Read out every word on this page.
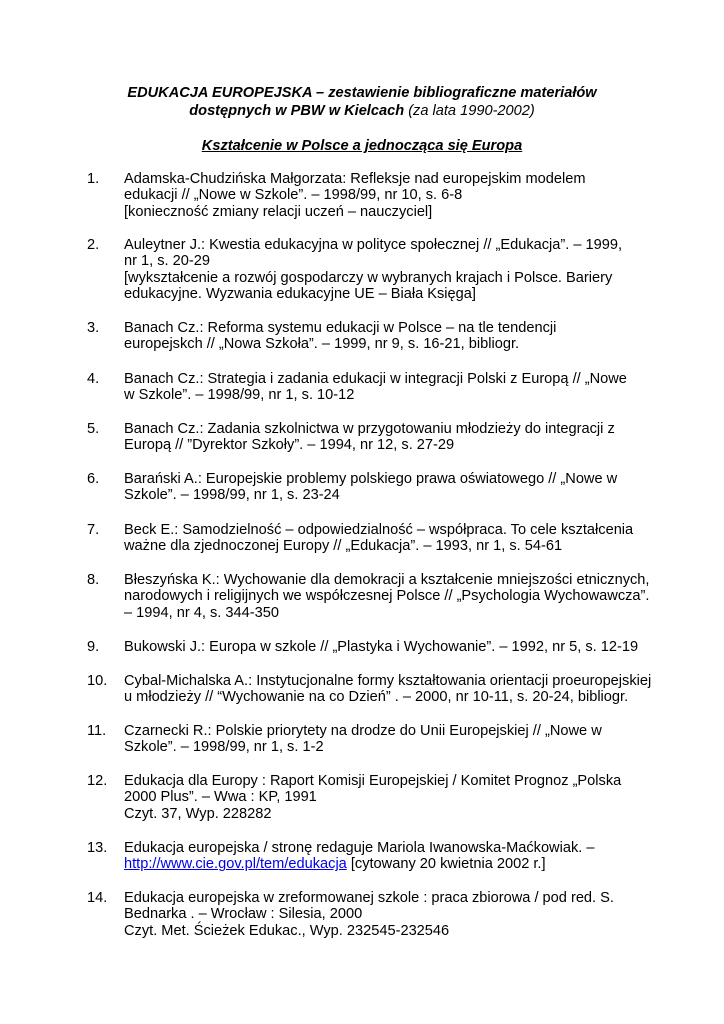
EDUKACJA EUROPEJSKA – zestawienie bibliograficzne materiałów
dostępnych w PBW w Kielcach (za lata 1990-2002)
Kształcenie w Polsce a jednocząca się Europa
1.	Adamska-Chudzińska Małgorzata: Refleksje nad europejskim modelem
edukacji // „Nowe w Szkole”. – 1998/99, nr 10, s. 6-8
[konieczność zmiany relacji uczeń – nauczyciel]
2.	Auleytner J.: Kwestia edukacyjna w polityce społecznej // „Edukacja”. – 1999,
nr 1, s. 20-29
[wykształcenie a rozwój gospodarczy w wybranych krajach i Polsce. Bariery
edukacyjne. Wyzwania edukacyjne UE – Biała Księga]
3.	Banach Cz.: Reforma systemu edukacji w Polsce – na tle tendencji
europejskch // „Nowa Szkoła”. – 1999, nr 9, s. 16-21, bibliogr.
4.	Banach Cz.: Strategia i zadania edukacji w integracji Polski z Europą // „Nowe
w Szkole”. – 1998/99, nr 1, s. 10-12
5.	Banach Cz.: Zadania szkolnictwa w przygotowaniu młodzieży do integracji z
Europą // ”Dyrektor Szkoły”. – 1994, nr 12, s. 27-29
6.	Barański A.: Europejskie problemy polskiego prawa oświatowego // „Nowe w
Szkole”. – 1998/99, nr 1, s. 23-24
7.	Beck E.: Samodzielność – odpowiedzialność – współpraca. To cele kształcenia
ważne dla zjednoczonej Europy // „Edukacja”. – 1993, nr 1, s. 54-61
8.	Błeszyńska K.: Wychowanie dla demokracji a kształcenie mniejszości etnicznych,
narodowych i religijnych we współczesnej Polsce // „Psychologia Wychowawcza”.
– 1994, nr 4, s. 344-350
9.	Bukowski J.: Europa w szkole // „Plastyka i Wychowanie”. – 1992, nr 5, s. 12-19
10.	Cybal-Michalska A.: Instytucjonalne formy kształtowania orientacji proeuropejskiej
u młodzieży // “Wychowanie na co Dzień” . – 2000, nr 10-11, s. 20-24, bibliogr.
11.	Czarnecki R.: Polskie priorytety na drodze do Unii Europejskiej // „Nowe w
Szkole”. – 1998/99, nr 1, s. 1-2
12.	Edukacja dla Europy : Raport Komisji Europejskiej / Komitet Prognoz „Polska
2000 Plus”. – Wwa : KP, 1991
Czyt. 37, Wyp. 228282
13.	Edukacja europejska / stronę redaguje Mariola Iwanowska-Maćkowiak. –
http://www.cie.gov.pl/tem/edukacja [cytowany 20 kwietnia 2002 r.]
14.	Edukacja europejska w zreformowanej szkole : praca zbiorowa / pod red. S.
Bednarka . – Wrocław : Silesia, 2000
Czyt. Met. Ścieżek Edukac., Wyp. 232545-232546
